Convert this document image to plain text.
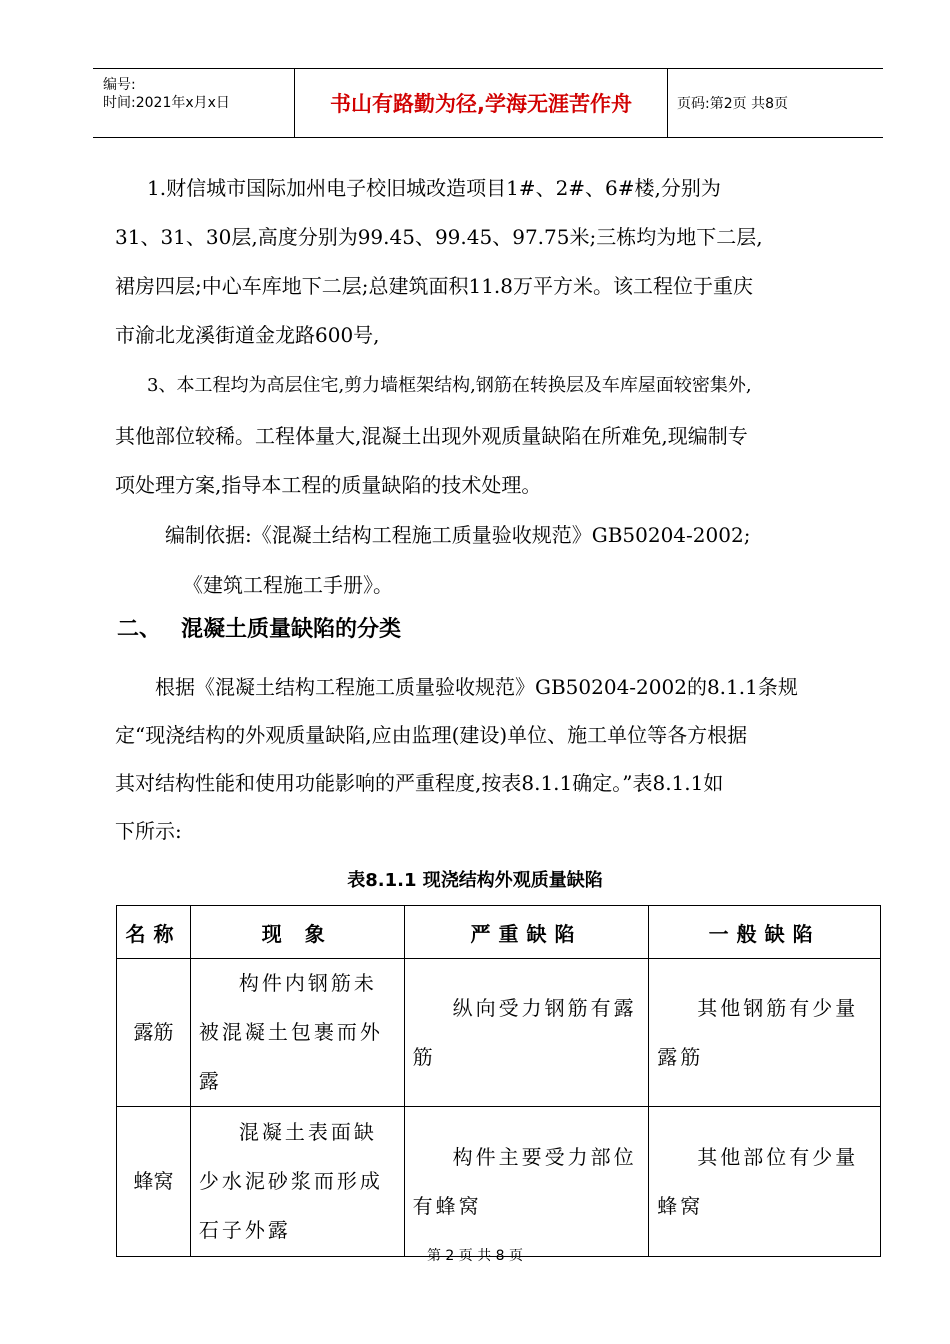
编号:
时间:2021年x月x日	书山有路勤为径,学海无涯苦作舟	页码:第2页 共8页
1.财信城市国际加州电子校旧城改造项目1#、2#、6#楼,分别为
31、31、30层,高度分别为99.45、99.45、97.75米;三栋均为地下二层,
裙房四层;中心车库地下二层;总建筑面积11.8万平方米。该工程位于重庆
市渝北龙溪街道金龙路600号,
3、本工程均为高层住宅,剪力墙框架结构,钢筋在转换层及车库屋面较密集外,
其他部位较稀。工程体量大,混凝土出现外观质量缺陷在所难免,现编制专
项处理方案,指导本工程的质量缺陷的技术处理。
编制依据:《混凝土结构工程施工质量验收规范》GB50204-2002;
《建筑工程施工手册》。
二、 混凝土质量缺陷的分类
根据《混凝土结构工程施工质量验收规范》GB50204-2002的8.1.1条规
定“现浇结构的外观质量缺陷,应由监理(建设)单位、施工单位等各方根据
其对结构性能和使用功能影响的严重程度,按表8.1.1确定。”表8.1.1如
下所示:
表8.1.1 现浇结构外观质量缺陷
名称	现 象	严重缺陷	一般缺陷
露筋	构件内钢筋未被混凝土包裹而外露	纵向受力钢筋有露筋	其他钢筋有少量露筋
蜂窝	混凝土表面缺少水泥砂浆而形成石子外露	构件主要受力部位有蜂窝	其他部位有少量蜂窝
第 2 页 共 8 页
